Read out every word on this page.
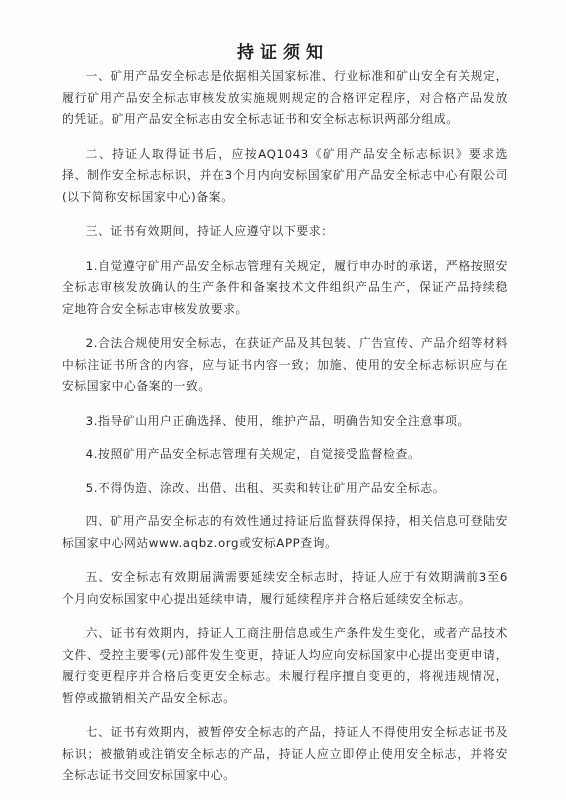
持证须知

一、矿用产品安全标志是依据相关国家标准、行业标准和矿山安全有关规定，履行矿用产品安全标志审核发放实施规则规定的合格评定程序，对合格产品发放的凭证。矿用产品安全标志由安全标志证书和安全标志标识两部分组成。

二、持证人取得证书后，应按AQ1043《矿用产品安全标志标识》要求选择、制作安全标志标识，并在3个月内向安标国家矿用产品安全标志中心有限公司(以下简称安标国家中心)备案。

三、证书有效期间，持证人应遵守以下要求：

1.自觉遵守矿用产品安全标志管理有关规定，履行申办时的承诺，严格按照安全标志审核发放确认的生产条件和备案技术文件组织产品生产，保证产品持续稳定地符合安全标志审核发放要求。

2.合法合规使用安全标志，在获证产品及其包装、广告宣传、产品介绍等材料中标注证书所含的内容，应与证书内容一致；加施、使用的安全标志标识应与在安标国家中心备案的一致。

3.指导矿山用户正确选择、使用，维护产品，明确告知安全注意事项。

4.按照矿用产品安全标志管理有关规定，自觉接受监督检查。

5.不得伪造、涂改、出借、出租、买卖和转让矿用产品安全标志。

四、矿用产品安全标志的有效性通过持证后监督获得保持，相关信息可登陆安标国家中心网站www.aqbz.org或安标APP查询。

五、安全标志有效期届满需要延续安全标志时，持证人应于有效期满前3至6个月向安标国家中心提出延续申请，履行延续程序并合格后延续安全标志。

六、证书有效期内，持证人工商注册信息或生产条件发生变化，或者产品技术文件、受控主要零(元)部件发生变更，持证人均应向安标国家中心提出变更申请，履行变更程序并合格后变更安全标志。未履行程序擅自变更的，将视违规情况，暂停或撤销相关产品安全标志。

七、证书有效期内，被暂停安全标志的产品，持证人不得使用安全标志证书及标识；被撤销或注销安全标志的产品，持证人应立即停止使用安全标志，并将安全标志证书交回安标国家中心。
